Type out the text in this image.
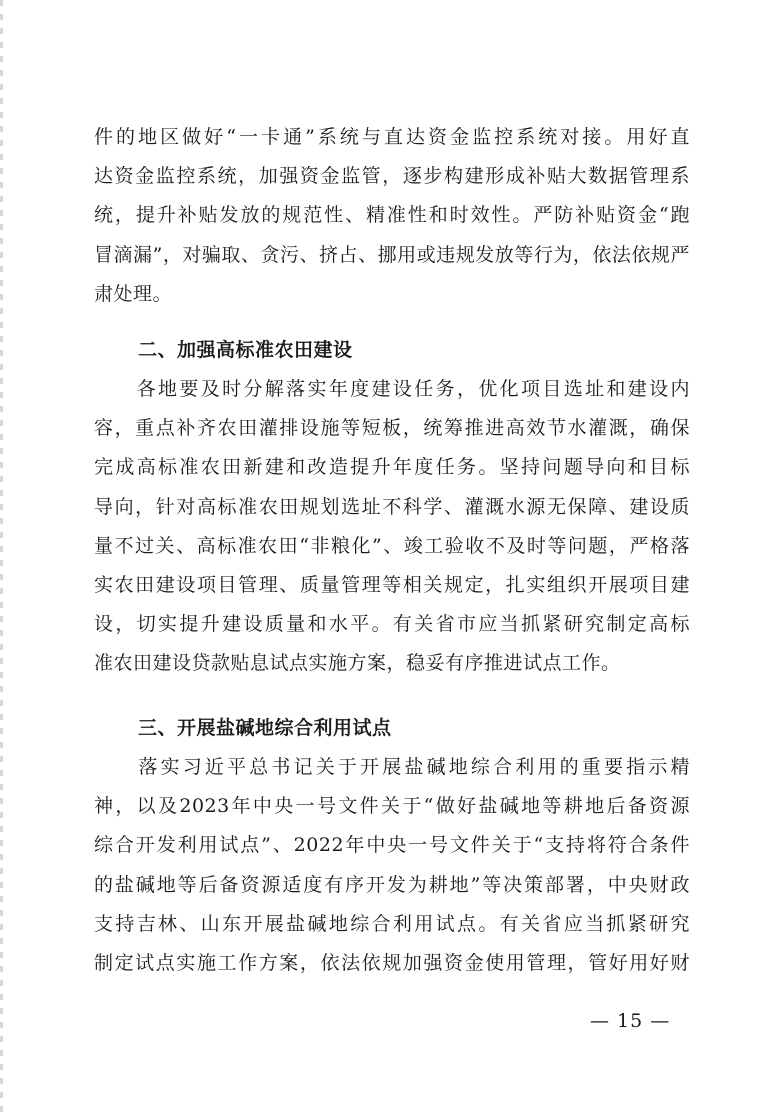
件的地区做好“一卡通”系统与直达资金监控系统对接。用好直
达资金监控系统，加强资金监管，逐步构建形成补贴大数据管理系
统，提升补贴发放的规范性、精准性和时效性。严防补贴资金“跑
冒滴漏”，对骗取、贪污、挤占、挪用或违规发放等行为，依法依规严
肃处理。
二、加强高标准农田建设
　　各地要及时分解落实年度建设任务，优化项目选址和建设内
容，重点补齐农田灌排设施等短板，统筹推进高效节水灌溉，确保
完成高标准农田新建和改造提升年度任务。坚持问题导向和目标
导向，针对高标准农田规划选址不科学、灌溉水源无保障、建设质
量不过关、高标准农田“非粮化”、竣工验收不及时等问题，严格落
实农田建设项目管理、质量管理等相关规定，扎实组织开展项目建
设，切实提升建设质量和水平。有关省市应当抓紧研究制定高标
准农田建设贷款贴息试点实施方案，稳妥有序推进试点工作。
三、开展盐碱地综合利用试点
　　落实习近平总书记关于开展盐碱地综合利用的重要指示精
神，以及2023年中央一号文件关于“做好盐碱地等耕地后备资源
综合开发利用试点”、2022年中央一号文件关于“支持将符合条件
的盐碱地等后备资源适度有序开发为耕地”等决策部署，中央财政
支持吉林、山东开展盐碱地综合利用试点。有关省应当抓紧研究
制定试点实施工作方案，依法依规加强资金使用管理，管好用好财
— 15 —
